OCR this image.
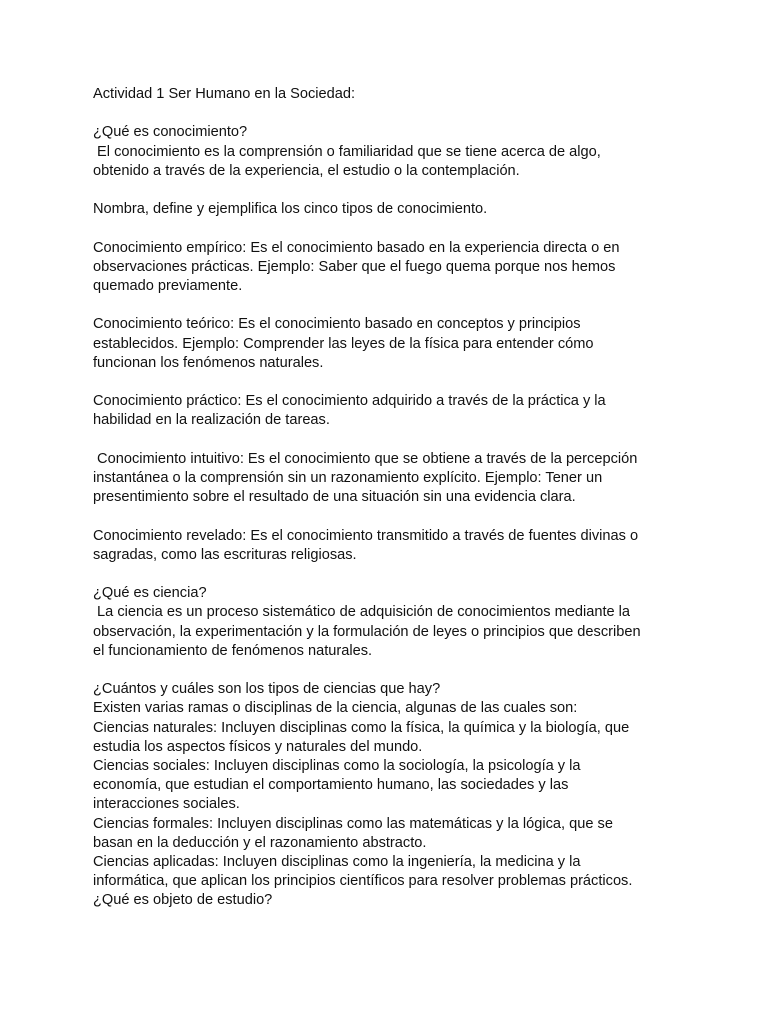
Actividad 1 Ser Humano en la Sociedad:

¿Qué es conocimiento?

El conocimiento es la comprensión o familiaridad que se tiene acerca de algo,

obtenido a través de la experiencia, el estudio o la contemplación.

Nombra, define y ejemplifica los cinco tipos de conocimiento.

Conocimiento empírico: Es el conocimiento basado en la experiencia directa o en

observaciones prácticas. Ejemplo: Saber que el fuego quema porque nos hemos

quemado previamente.

Conocimiento teórico: Es el conocimiento basado en conceptos y principios

establecidos. Ejemplo: Comprender las leyes de la física para entender cómo

funcionan los fenómenos naturales.

Conocimiento práctico: Es el conocimiento adquirido a través de la práctica y la

habilidad en la realización de tareas.

Conocimiento intuitivo: Es el conocimiento que se obtiene a través de la percepción

instantánea o la comprensión sin un razonamiento explícito. Ejemplo: Tener un

presentimiento sobre el resultado de una situación sin una evidencia clara.

Conocimiento revelado: Es el conocimiento transmitido a través de fuentes divinas o

sagradas, como las escrituras religiosas.

¿Qué es ciencia?

La ciencia es un proceso sistemático de adquisición de conocimientos mediante la

observación, la experimentación y la formulación de leyes o principios que describen

el funcionamiento de fenómenos naturales.

¿Cuántos y cuáles son los tipos de ciencias que hay?

Existen varias ramas o disciplinas de la ciencia, algunas de las cuales son:

Ciencias naturales: Incluyen disciplinas como la física, la química y la biología, que

estudia los aspectos físicos y naturales del mundo.

Ciencias sociales: Incluyen disciplinas como la sociología, la psicología y la

economía, que estudian el comportamiento humano, las sociedades y las

interacciones sociales.

Ciencias formales: Incluyen disciplinas como las matemáticas y la lógica, que se

basan en la deducción y el razonamiento abstracto.

Ciencias aplicadas: Incluyen disciplinas como la ingeniería, la medicina y la

informática, que aplican los principios científicos para resolver problemas prácticos.

¿Qué es objeto de estudio?
